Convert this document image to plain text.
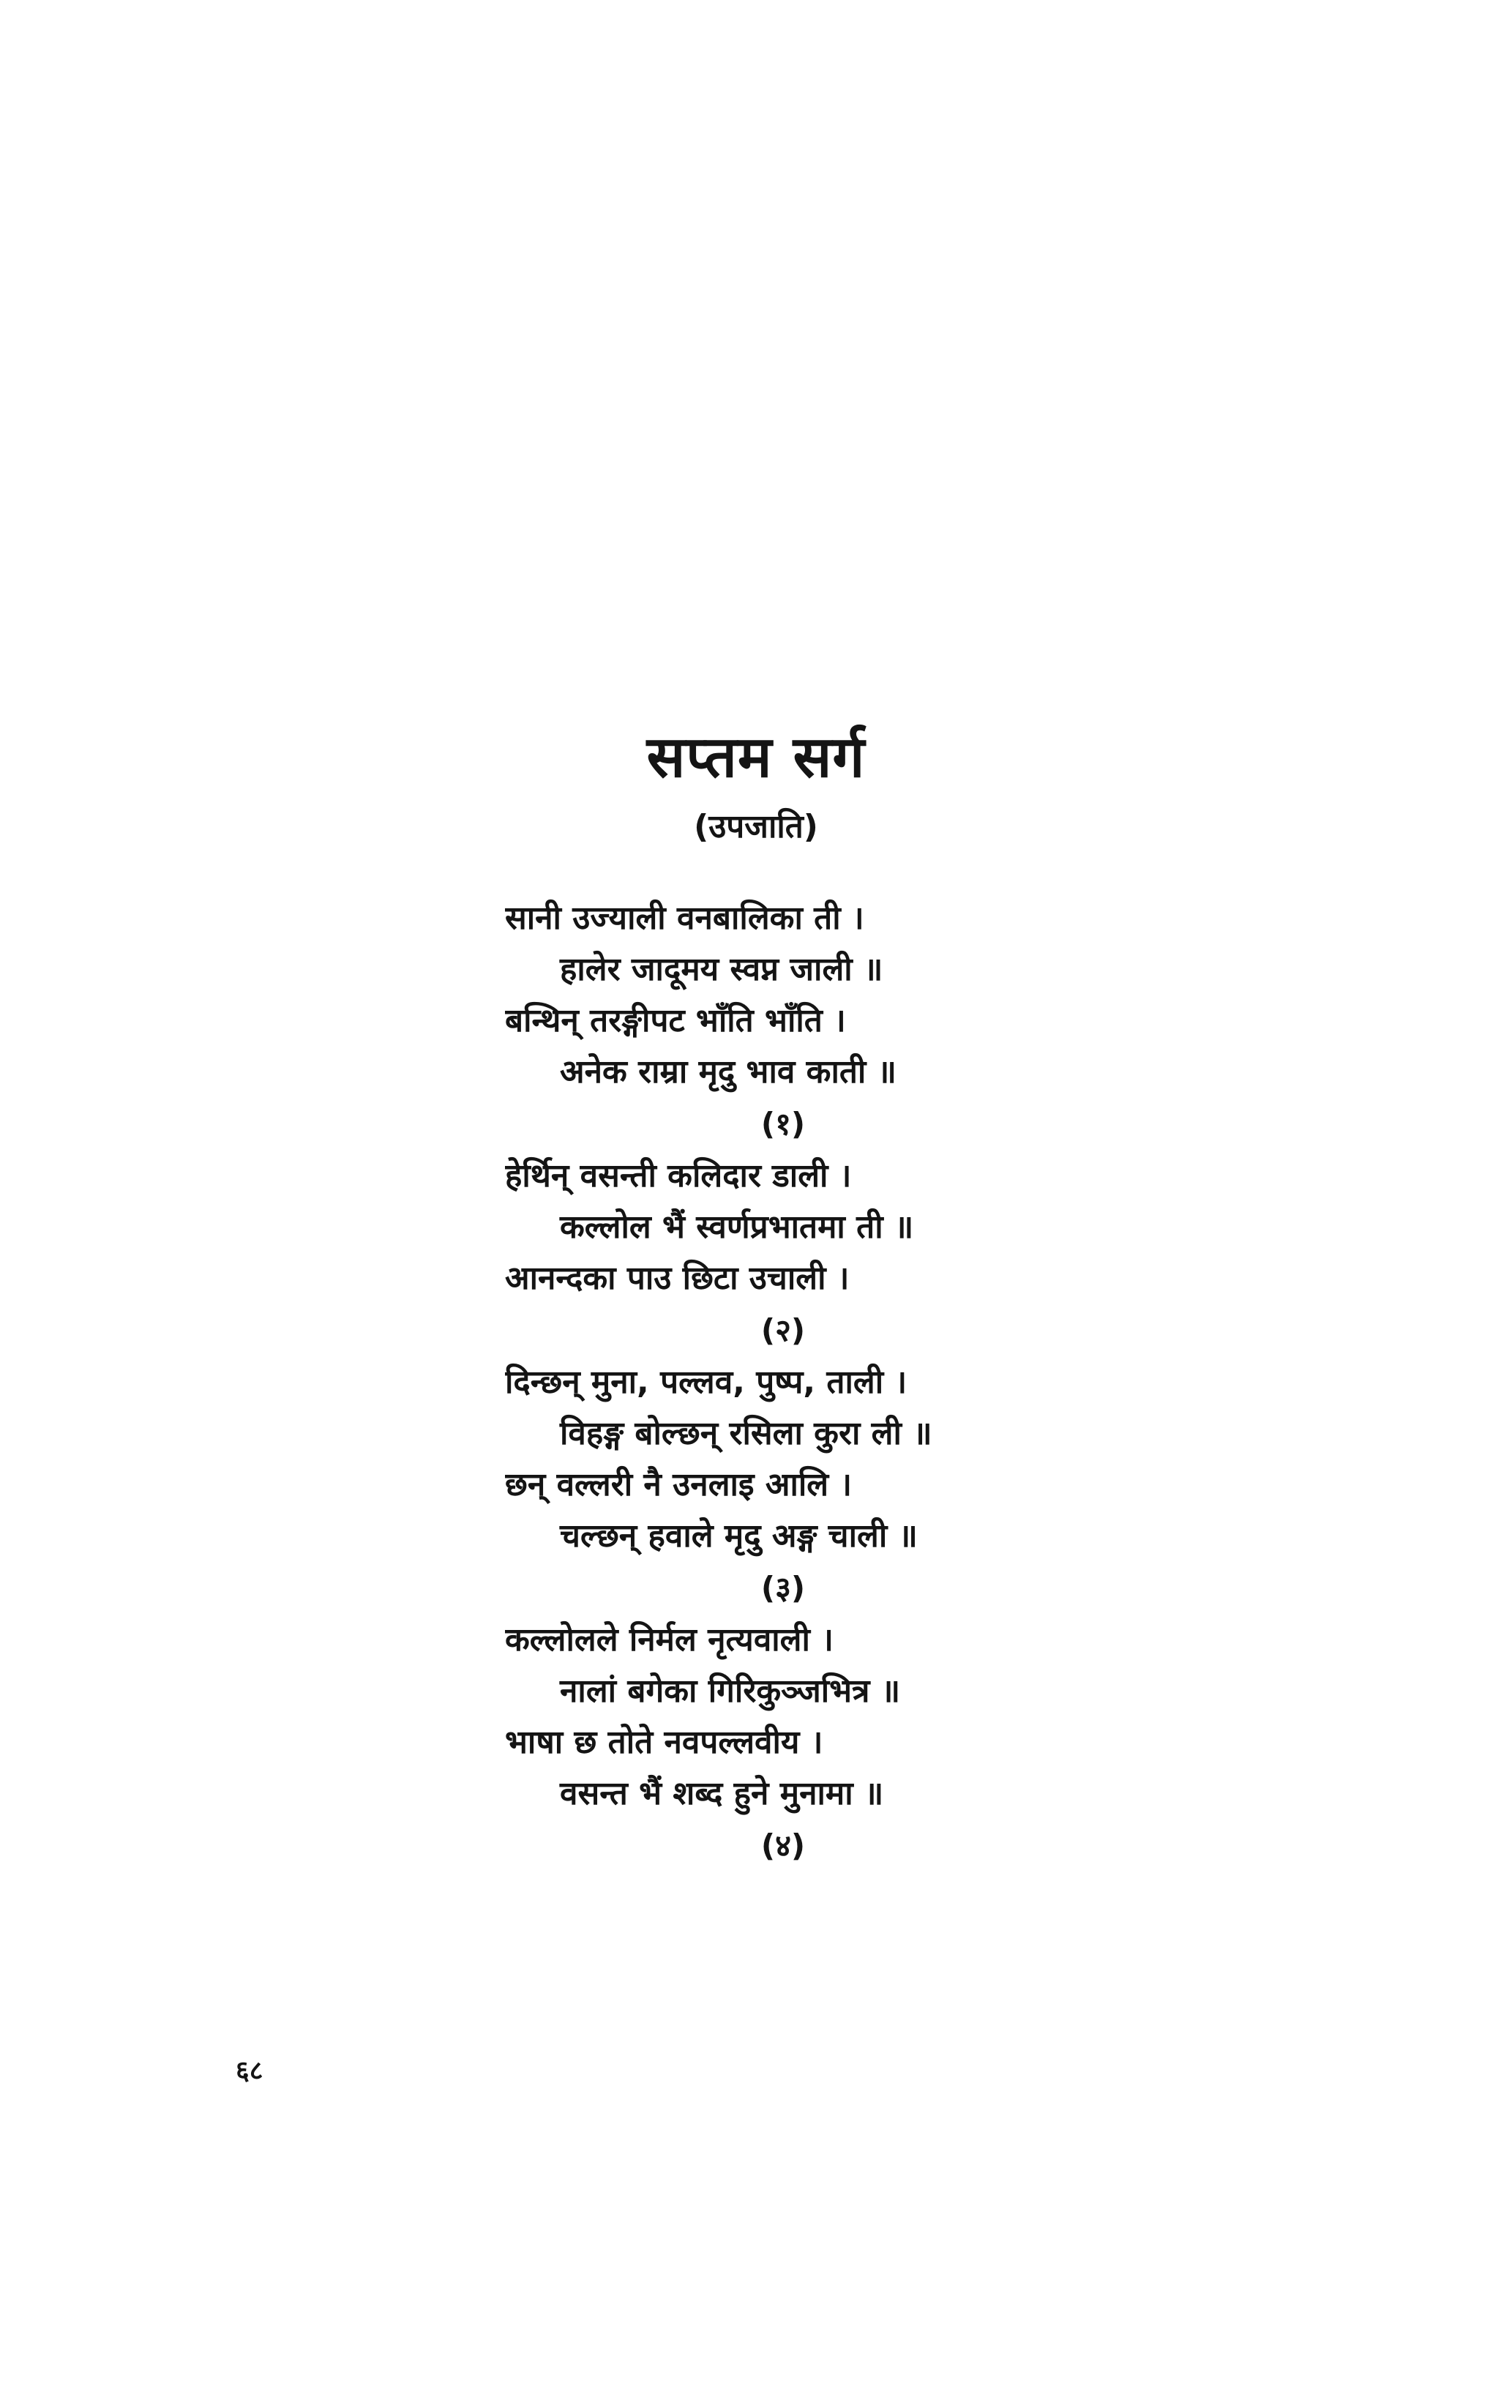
सप्तम सर्ग
(उपजाति)
सानी उज्याली वनबालिका ती ।
हालेर जादूमय स्वप्न जाली ॥
बन्थिन् तरङ्गीपट भाँति भाँति ।
अनेक राम्रा मृदु भाव काती ॥
(१)
हेर्थिन् वसन्ती कलिदार डाली ।
कल्लोल भैं स्वर्णप्रभातमा ती ॥
आनन्दका पाउ छिटा उचाली ।
(२)
दिन्छन् मुना, पल्लव, पुष्प, ताली ।
विहङ्ग बोल्छन् रसिला कुरा ली ॥
छन् वल्लरी नै उनलाइ आलि ।
चल्छन् हवाले मृदु अङ्ग चाली ॥
(३)
कल्लोलले निर्मल नृत्यवाली ।
नालां बगेका गिरिकुञ्जभित्र ॥
भाषा छ तोते नवपल्लवीय ।
वसन्त भैं शब्द हुने मुनामा ॥
(४)
६८
